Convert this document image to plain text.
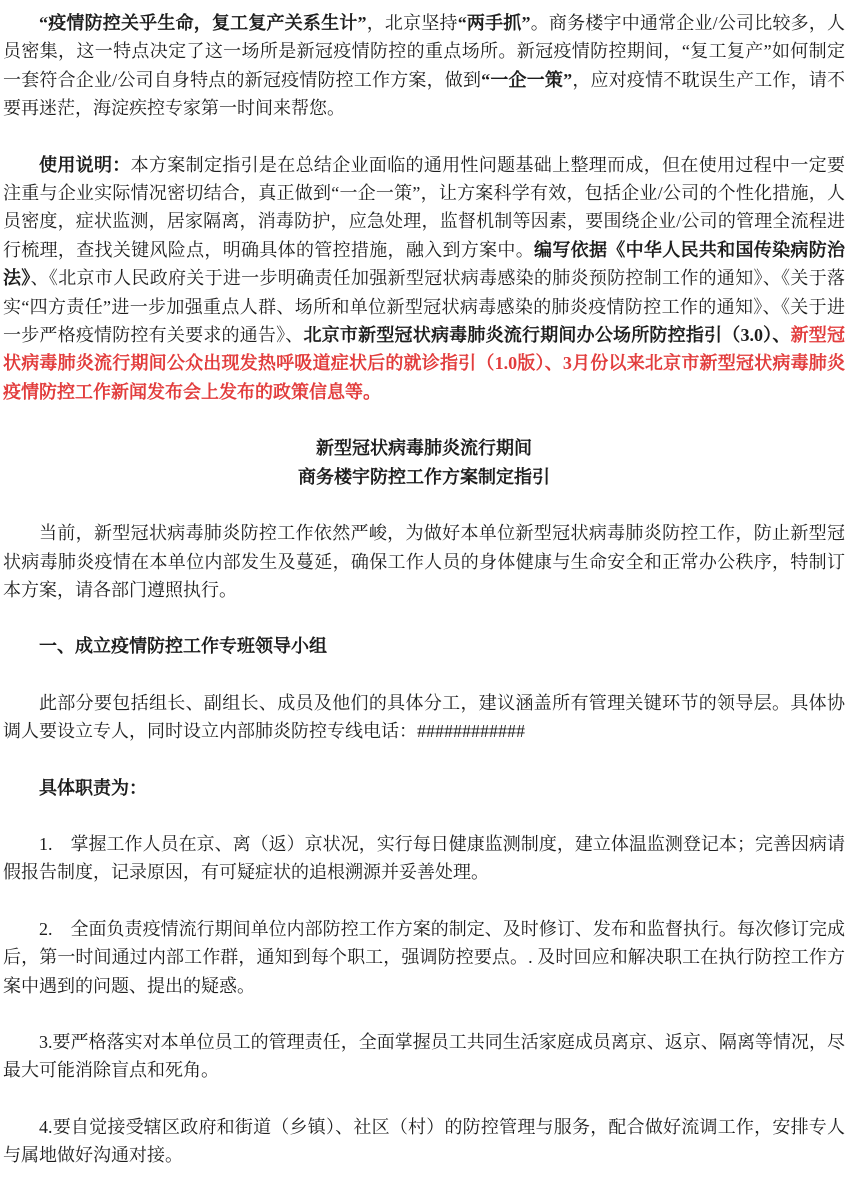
“疫情防控关乎生命，复工复产关系生计”，北京坚持“两手抓”。商务楼宇中通常企业/公司比较多，人员密集，这一特点决定了这一场所是新冠疫情防控的重点场所。新冠疫情防控期间，“复工复产”如何制定一套符合企业/公司自身特点的新冠疫情防控工作方案，做到“一企一策”，应对疫情不耽误生产工作，请不要再迷茫，海淀疾控专家第一时间来帮您。

使用说明：本方案制定指引是在总结企业面临的通用性问题基础上整理而成，但在使用过程中一定要注重与企业实际情况密切结合，真正做到“一企一策”，让方案科学有效，包括企业/公司的个性化措施，人员密度，症状监测，居家隔离，消毒防护，应急处理，监督机制等因素，要围绕企业/公司的管理全流程进行梳理，查找关键风险点，明确具体的管控措施，融入到方案中。编写依据《中华人民共和国传染病防治法》、《北京市人民政府关于进一步明确责任加强新型冠状病毒感染的肺炎预防控制工作的通知》、《关于落实“四方责任”进一步加强重点人群、场所和单位新型冠状病毒感染的肺炎疫情防控工作的通知》、《关于进一步严格疫情防控有关要求的通告》、北京市新型冠状病毒肺炎流行期间办公场所防控指引（3.0）、新型冠状病毒肺炎流行期间公众出现发热呼吸道症状后的就诊指引（1.0版）、3月份以来北京市新型冠状病毒肺炎疫情防控工作新闻发布会上发布的政策信息等。

新型冠状病毒肺炎流行期间
商务楼宇防控工作方案制定指引

当前，新型冠状病毒肺炎防控工作依然严峻，为做好本单位新型冠状病毒肺炎防控工作，防止新型冠状病毒肺炎疫情在本单位内部发生及蔓延，确保工作人员的身体健康与生命安全和正常办公秩序，特制订本方案，请各部门遵照执行。

一、成立疫情防控工作专班领导小组

此部分要包括组长、副组长、成员及他们的具体分工，建议涵盖所有管理关键环节的领导层。具体协调人要设立专人，同时设立内部肺炎防控专线电话：############

具体职责为：

1.　掌握工作人员在京、离（返）京状况，实行每日健康监测制度，建立体温监测登记本；完善因病请假报告制度，记录原因，有可疑症状的追根溯源并妥善处理。

2.　全面负责疫情流行期间单位内部防控工作方案的制定、及时修订、发布和监督执行。每次修订完成后，第一时间通过内部工作群，通知到每个职工，强调防控要点。. 及时回应和解决职工在执行防控工作方案中遇到的问题、提出的疑惑。

3.要严格落实对本单位员工的管理责任，全面掌握员工共同生活家庭成员离京、返京、隔离等情况，尽最大可能消除盲点和死角。

4.要自觉接受辖区政府和街道（乡镇）、社区（村）的防控管理与服务，配合做好流调工作，安排专人与属地做好沟通对接。
